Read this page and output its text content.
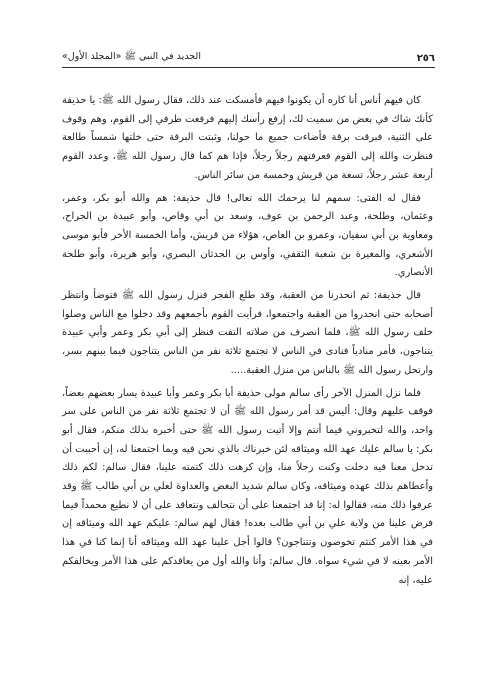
٢٥٦
الجديد في النبي ﷺ «المجلد الأول»

كان فيهم أناس أنا كاره أن يكونوا فيهم فأمسكت عند ذلك، فقال رسول الله ﷺ: يا حذيفة كأنك شاك في بعض من سميت لك، إرفع رأسك إليهم فرفعت طرفي إلى القوم، وهم وقوف على الثنية، فبرقت برقة فأضاءت جميع ما حولنا، وثبتت البرقة حتى خلتها شمساً طالعة فنظرت والله إلى القوم فعرفتهم رجلاً رجلاً، فإذا هم كما قال رسول الله ﷺ، وعدد القوم أربعة عشر رجلاً، تسعة من قريش وخمسة من سائر الناس.

فقال له الفتى: سمهم لنا يرحمك الله تعالى! قال حذيفة: هم والله أبو بكر، وعمر، وعثمان، وطلحة، وعبد الرحمن بن عوف، وسعد بن أبي وقاص، وأبو عبيدة بن الجراح، ومعاوية بن أبي سفيان، وعمرو بن العاص، هؤلاء من قريش، وأما الخمسة الأخر فأبو موسى الأشعري، والمغيرة بن شعبة الثقفي، وأوس بن الحدثان البصري، وأبو هريرة، وأبو طلحة الأنصاري.

قال حذيفة: ثم انحدرنا من العقبة، وقد طلع الفجر فنزل رسول الله ﷺ فتوضأ وانتظر أصحابه حتى انحدروا من العقبة واجتمعوا، فرأيت القوم بأجمعهم وقد دخلوا مع الناس وصلوا خلف رسول الله ﷺ، فلما انصرف من صلاته التفت فنظر إلى أبي بكر وعمر وأبي عبيدة يتناجون، فأمر منادياً فنادى في الناس لا تجتمع ثلاثة نفر من الناس يتناجون فيما بينهم بسر، وارتحل رسول الله ﷺ بالناس من منزل العقبة.....

فلما نزل المنزل الآخر رأى سالم مولى حذيفة أبا بكر وعمر وأبا عبيدة يسار بعضهم بعضاً، فوقف عليهم وقال: أليس قد أمر رسول الله ﷺ أن لا تجتمع ثلاثة نفر من الناس على سر واحد، والله لتخبروني فيما أنتم وإلا أتيت رسول الله ﷺ حتى أخبره بذلك منكم، فقال أبو بكر: يا سالم عليك عهد الله وميثاقه لئن خبرناك بالذي نحن فيه وبما اجتمعنا له، إن أحببت أن تدخل معنا فيه دخلت وكنت رجلاً منا، وإن كرهت ذلك كتمته علينا، فقال سالم: لكم ذلك وأعطاهم بذلك عهده وميثاقه، وكان سالم شديد البغض والعداوة لعلي بن أبي طالب ﷺ وقد عرفوا ذلك منه، فقالوا له: إنا قد اجتمعنا على أن نتحالف ونتعاقد على أن لا نطيع محمداً فيما فرض علينا من ولاية علي بن أبي طالب بعده! فقال لهم سالم: عليكم عهد الله وميثاقه إن في هذا الأمر كنتم تخوضون وتتناجون؟ قالوا أجل علينا عهد الله وميثاقه أنا إنما كنا في هذا الأمر بعينه لا في شيء سواه. قال سالم: وأنا والله أول من يعاقدكم على هذا الأمر ويخالفكم عليه، إنه
